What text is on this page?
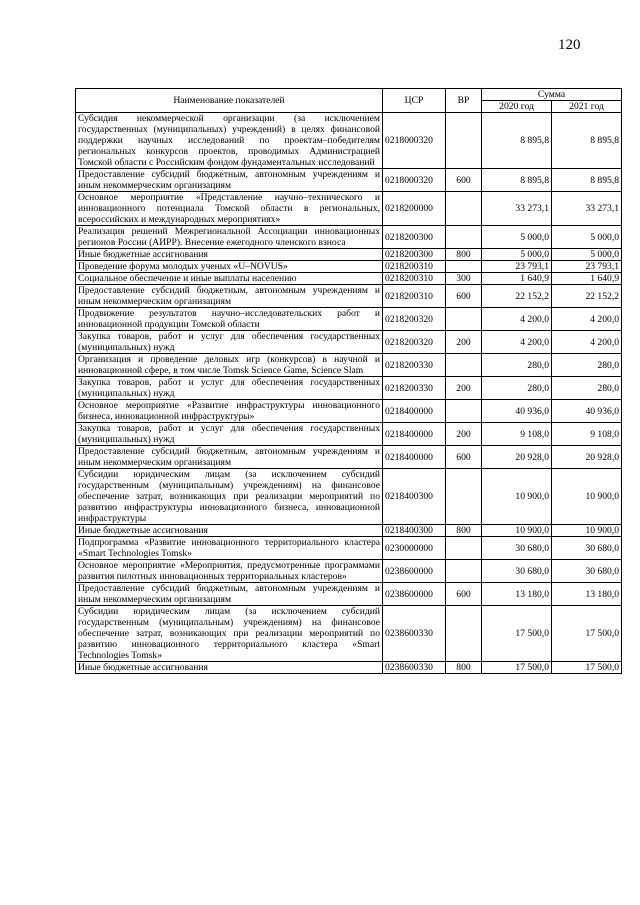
120
Наименование показателей	ЦСР	ВР	Сумма	
			2020 год	2021 год
Субсидия некоммерческой организации (за исключением государственных (муниципальных) учреждений) в целях финансовой поддержки научных исследований по проектам–победителям региональных конкурсов проектов, проводимых Администрацией Томской области с Российским фондом фундаментальных исследований	0218000320		8 895,8	8 895,8
Предоставление субсидий бюджетным, автономным учреждениям и иным некоммерческим организациям	0218000320	600	8 895,8	8 895,8
Основное мероприятие «Представление научно–технического и инновационного потенциала Томской области в региональных, всероссийских и международных мероприятиях»	0218200000		33 273,1	33 273,1
Реализация решений Межрегиональной Ассоциации инновационных регионов России (АИРР). Внесение ежегодного членского взноса	0218200300		5 000,0	5 000,0
Иные бюджетные ассигнования	0218200300	800	5 000,0	5 000,0
Проведение форума молодых ученых «U–NOVUS»	0218200310		23 793,1	23 793,1
Социальное обеспечение и иные выплаты населению	0218200310	300	1 640,9	1 640,9
Предоставление субсидий бюджетным, автономным учреждениям и иным некоммерческим организациям	0218200310	600	22 152,2	22 152,2
Продвижение результатов научно–исследовательских работ и инновационной продукции Томской области	0218200320		4 200,0	4 200,0
Закупка товаров, работ и услуг для обеспечения государственных (муниципальных) нужд	0218200320	200	4 200,0	4 200,0
Организация и проведение деловых игр (конкурсов) в научной и инновационной сфере, в том числе Tomsk Science Game, Science Slam	0218200330		280,0	280,0
Закупка товаров, работ и услуг для обеспечения государственных (муниципальных) нужд	0218200330	200	280,0	280,0
Основное мероприятие «Развитие инфраструктуры инновационного бизнеса, инновационной инфраструктуры»	0218400000		40 936,0	40 936,0
Закупка товаров, работ и услуг для обеспечения государственных (муниципальных) нужд	0218400000	200	9 108,0	9 108,0
Предоставление субсидий бюджетным, автономным учреждениям и иным некоммерческим организациям	0218400000	600	20 928,0	20 928,0
Субсидии юридическим лицам (за исключением субсидий государственным (муниципальным) учреждениям) на финансовое обеспечение затрат, возникающих при реализации мероприятий по развитию инфраструктуры инновационного бизнеса, инновационной инфраструктуры	0218400300		10 900,0	10 900,0
Иные бюджетные ассигнования	0218400300	800	10 900,0	10 900,0
Подпрограмма «Развитие инновационного территориального кластера «Smart Technologies Tomsk»	0230000000		30 680,0	30 680,0
Основное мероприятие «Мероприятия, предусмотренные программами развития пилотных инновационных территориальных кластеров»	0238600000		30 680,0	30 680,0
Предоставление субсидий бюджетным, автономным учреждениям и иным некоммерческим организациям	0238600000	600	13 180,0	13 180,0
Субсидии юридическим лицам (за исключением субсидий государственным (муниципальным) учреждениям) на финансовое обеспечение затрат, возникающих при реализации мероприятий по развитию инновационного территориального кластера «Smart Technologies Tomsk»	0238600330		17 500,0	17 500,0
Иные бюджетные ассигнования	0238600330	800	17 500,0	17 500,0
